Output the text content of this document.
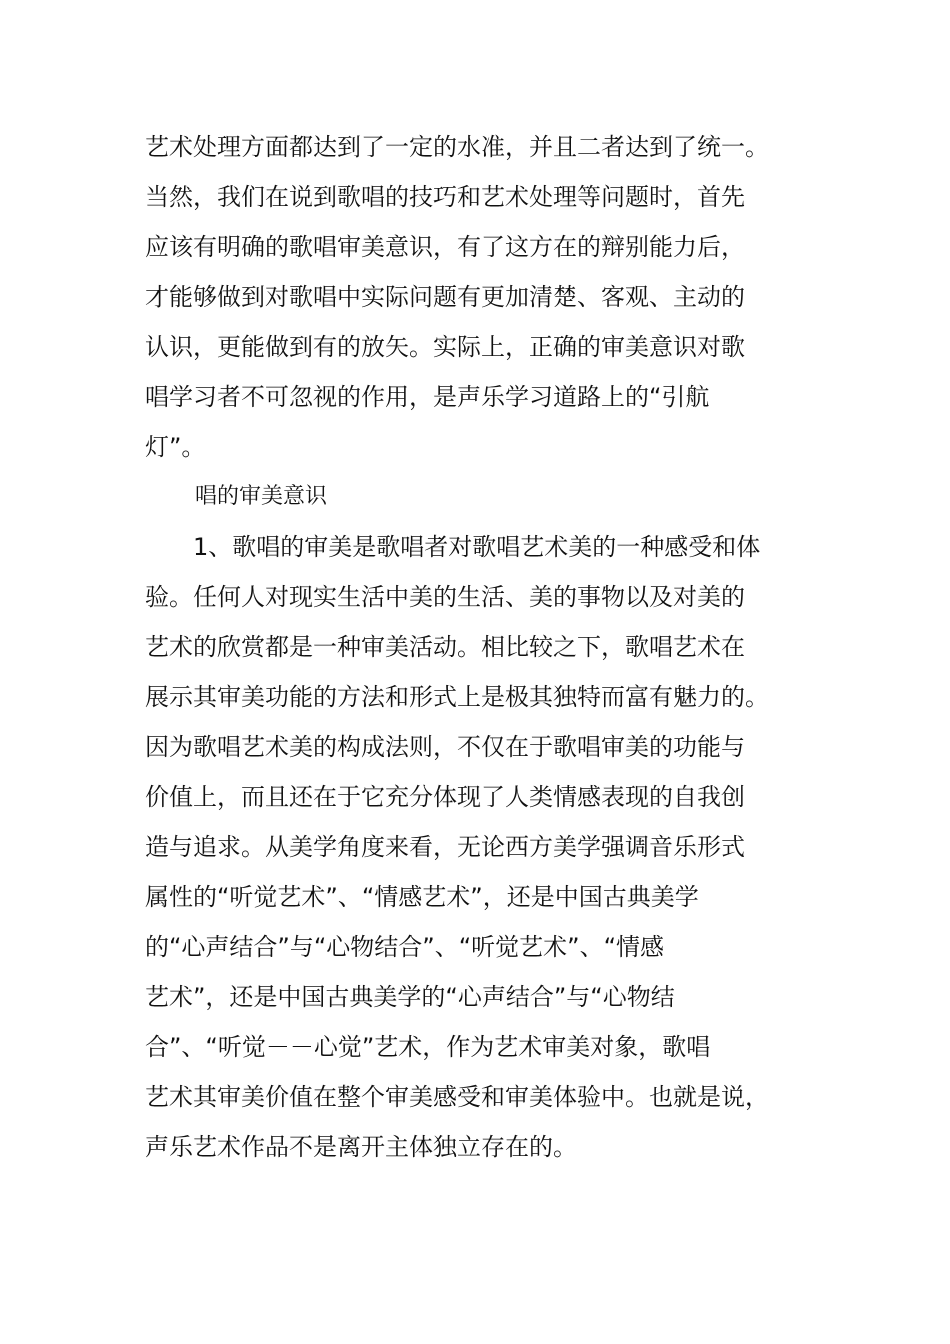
艺术处理方面都达到了一定的水准，并且二者达到了统一。
当然，我们在说到歌唱的技巧和艺术处理等问题时，首先
应该有明确的歌唱审美意识，有了这方在的辩别能力后，
才能够做到对歌唱中实际问题有更加清楚、客观、主动的
认识，更能做到有的放矢。实际上，正确的审美意识对歌
唱学习者不可忽视的作用，是声乐学习道路上的“引航
灯”。
唱的审美意识
1、歌唱的审美是歌唱者对歌唱艺术美的一种感受和体
验。任何人对现实生活中美的生活、美的事物以及对美的
艺术的欣赏都是一种审美活动。相比较之下，歌唱艺术在
展示其审美功能的方法和形式上是极其独特而富有魅力的。
因为歌唱艺术美的构成法则，不仅在于歌唱审美的功能与
价值上，而且还在于它充分体现了人类情感表现的自我创
造与追求。从美学角度来看，无论西方美学强调音乐形式
属性的“听觉艺术”、“情感艺术”，还是中国古典美学
的“心声结合”与“心物结合”、“听觉艺术”、“情感
艺术”，还是中国古典美学的“心声结合”与“心物结
合”、“听觉－－心觉”艺术，作为艺术审美对象，歌唱
艺术其审美价值在整个审美感受和审美体验中。也就是说，
声乐艺术作品不是离开主体独立存在的。
